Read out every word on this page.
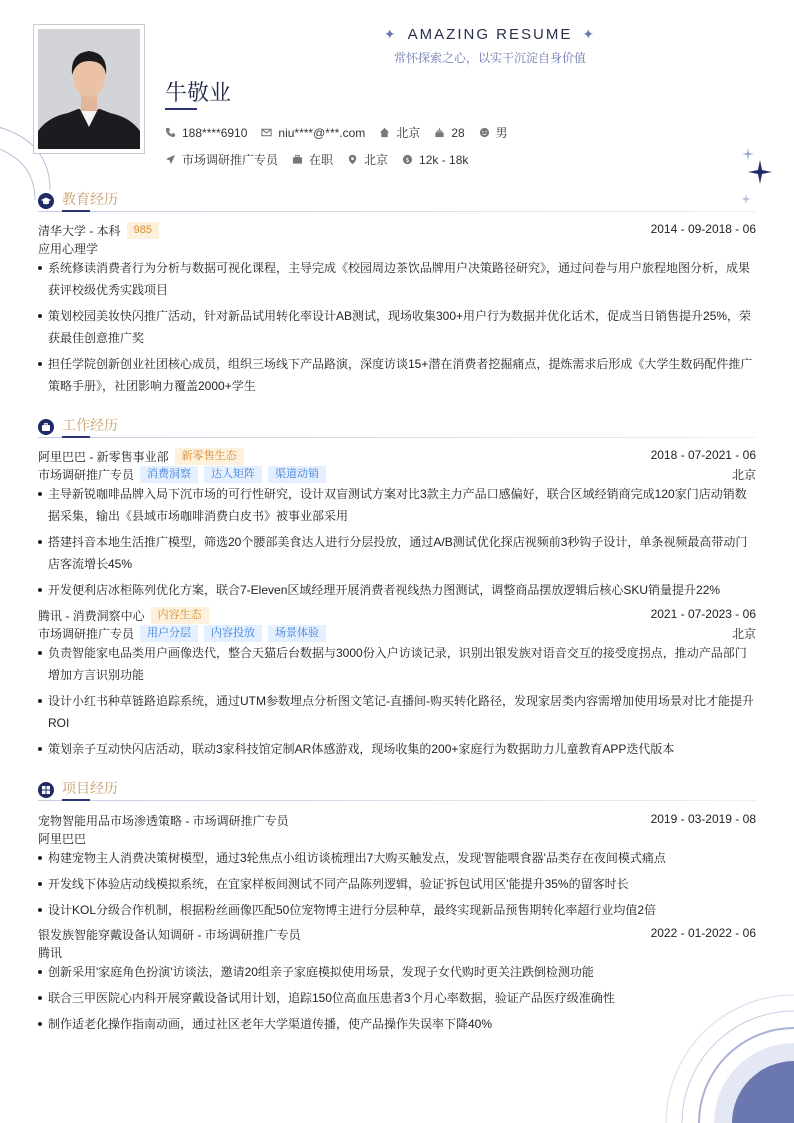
✦ AMAZING RESUME ✦
常怀探索之心，以实干沉淀自身价值
牛敬业
188****6910	niu****@***.com	北京	28	男
市场调研推广专员	在职	北京 $ 12k - 18k
教育经历
清华大学 - 本科	985	2014 - 09-2018 - 06
应用心理学
系统修读消费者行为分析与数据可视化课程，主导完成《校园周边茶饮品牌用户决策路径研究》，通过问卷与用户旅程地图分析，成果获评校级优秀实践项目
策划校园美妆快闪推广活动，针对新品试用转化率设计AB测试，现场收集300+用户行为数据并优化话术，促成当日销售提升25%，荣获最佳创意推广奖
担任学院创新创业社团核心成员，组织三场线下产品路演，深度访谈15+潜在消费者挖掘痛点，提炼需求后形成《大学生数码配件推广策略手册》，社团影响力覆盖2000+学生
工作经历
阿里巴巴 - 新零售事业部	新零售生态	2018 - 07-2021 - 06
市场调研推广专员	消费洞察	达人矩阵	渠道动销	北京
主导新锐咖啡品牌入局下沉市场的可行性研究，设计双盲测试方案对比3款主力产品口感偏好，联合区域经销商完成120家门店动销数据采集，输出《县域市场咖啡消费白皮书》被事业部采用
搭建抖音本地生活推广模型，筛选20个腰部美食达人进行分层投放，通过A/B测试优化探店视频前3秒钩子设计，单条视频最高带动门店客流增长45%
开发便利店冰柜陈列优化方案，联合7-Eleven区域经理开展消费者视线热力图测试，调整商品摆放逻辑后核心SKU销量提升22%
腾讯 - 消费洞察中心	内容生态	2021 - 07-2023 - 06
市场调研推广专员	用户分层	内容投放	场景体验	北京
负责智能家电品类用户画像迭代，整合天猫后台数据与3000份入户访谈记录，识别出银发族对语音交互的接受度拐点，推动产品部门增加方言识别功能
设计小红书种草链路追踪系统，通过UTM参数埋点分析图文笔记-直播间-购买转化路径，发现家居类内容需增加使用场景对比才能提升ROI
策划亲子互动快闪店活动，联动3家科技馆定制AR体感游戏，现场收集的200+家庭行为数据助力儿童教育APP迭代版本
项目经历
宠物智能用品市场渗透策略 - 市场调研推广专员	2019 - 03-2019 - 08
阿里巴巴
构建宠物主人消费决策树模型，通过3轮焦点小组访谈梳理出7大购买触发点，发现'智能喂食器'品类存在夜间模式痛点
开发线下体验店动线模拟系统，在宜家样板间测试不同产品陈列逻辑，验证'拆包试用区'能提升35%的留客时长
设计KOL分级合作机制，根据粉丝画像匹配50位宠物博主进行分层种草，最终实现新品预售期转化率超行业均值2倍
银发族智能穿戴设备认知调研 - 市场调研推广专员	2022 - 01-2022 - 06
腾讯
创新采用'家庭角色扮演'访谈法，邀请20组亲子家庭模拟使用场景，发现子女代购时更关注跌倒检测功能
联合三甲医院心内科开展穿戴设备试用计划，追踪150位高血压患者3个月心率数据，验证产品医疗级准确性
制作适老化操作指南动画，通过社区老年大学渠道传播，使产品操作失误率下降40%
